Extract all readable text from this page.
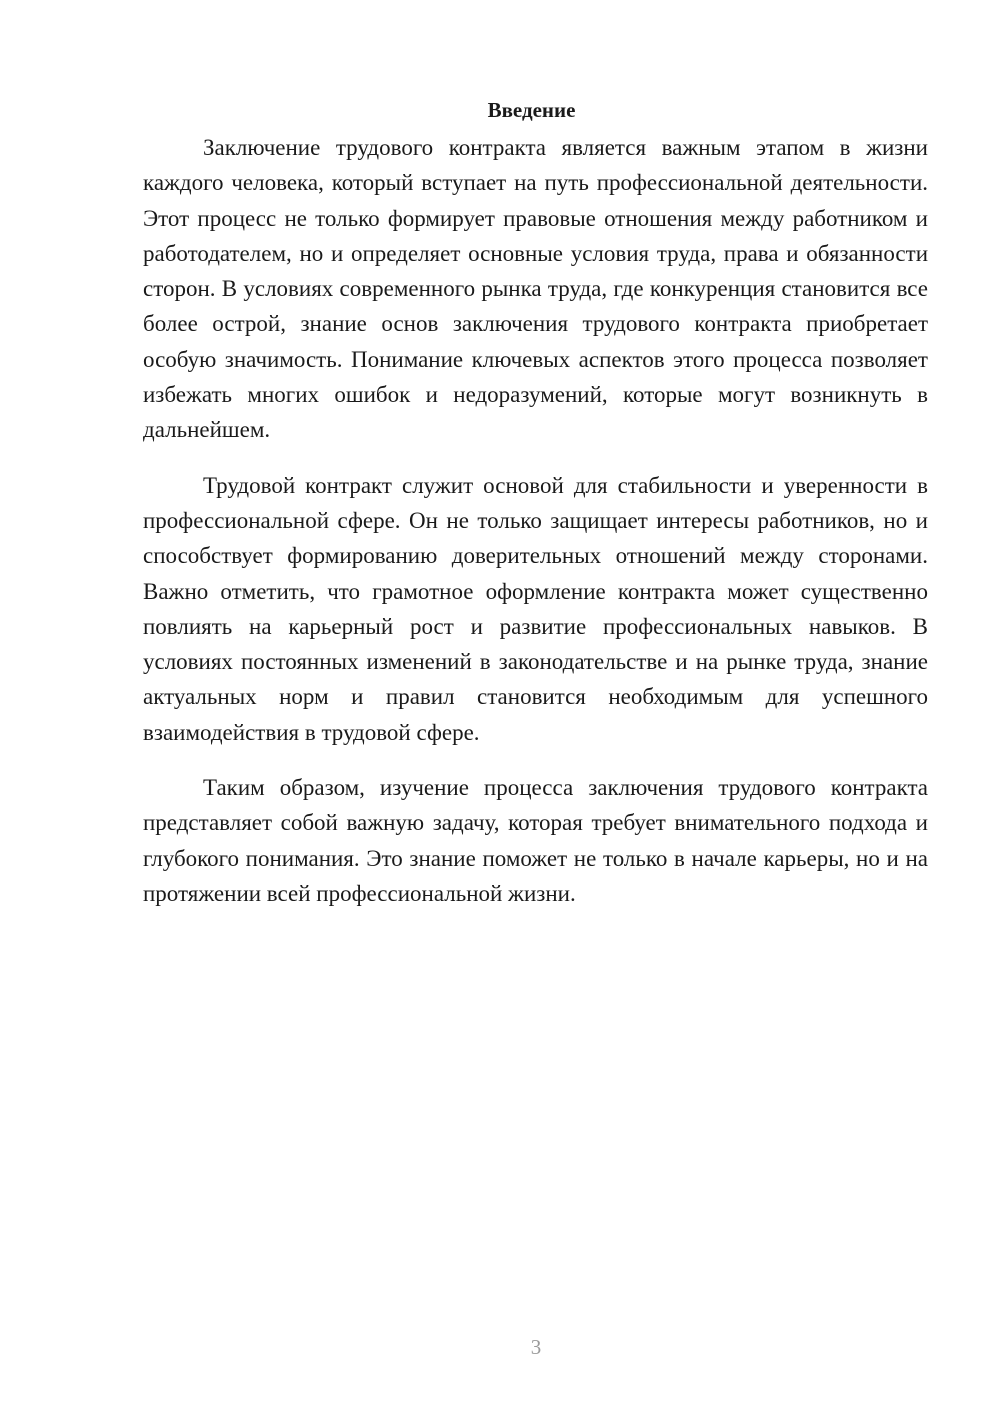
Введение

Заключение трудового контракта является важным этапом в жизни каждого человека, который вступает на путь профессиональной деятельности. Этот процесс не только формирует правовые отношения между работником и работодателем, но и определяет основные условия труда, права и обязанности сторон. В условиях современного рынка труда, где конкуренция становится все более острой, знание основ заключения трудового контракта приобретает особую значимость. Понимание ключевых аспектов этого процесса позволяет избежать многих ошибок и недоразумений, которые могут возникнуть в дальнейшем.

Трудовой контракт служит основой для стабильности и уверенности в профессиональной сфере. Он не только защищает интересы работников, но и способствует формированию доверительных отношений между сторонами. Важно отметить, что грамотное оформление контракта может существенно повлиять на карьерный рост и развитие профессиональных навыков. В условиях постоянных изменений в законодательстве и на рынке труда, знание актуальных норм и правил становится необходимым для успешного взаимодействия в трудовой сфере.

Таким образом, изучение процесса заключения трудового контракта представляет собой важную задачу, которая требует внимательного подхода и глубокого понимания. Это знание поможет не только в начале карьеры, но и на протяжении всей профессиональной жизни.

3
